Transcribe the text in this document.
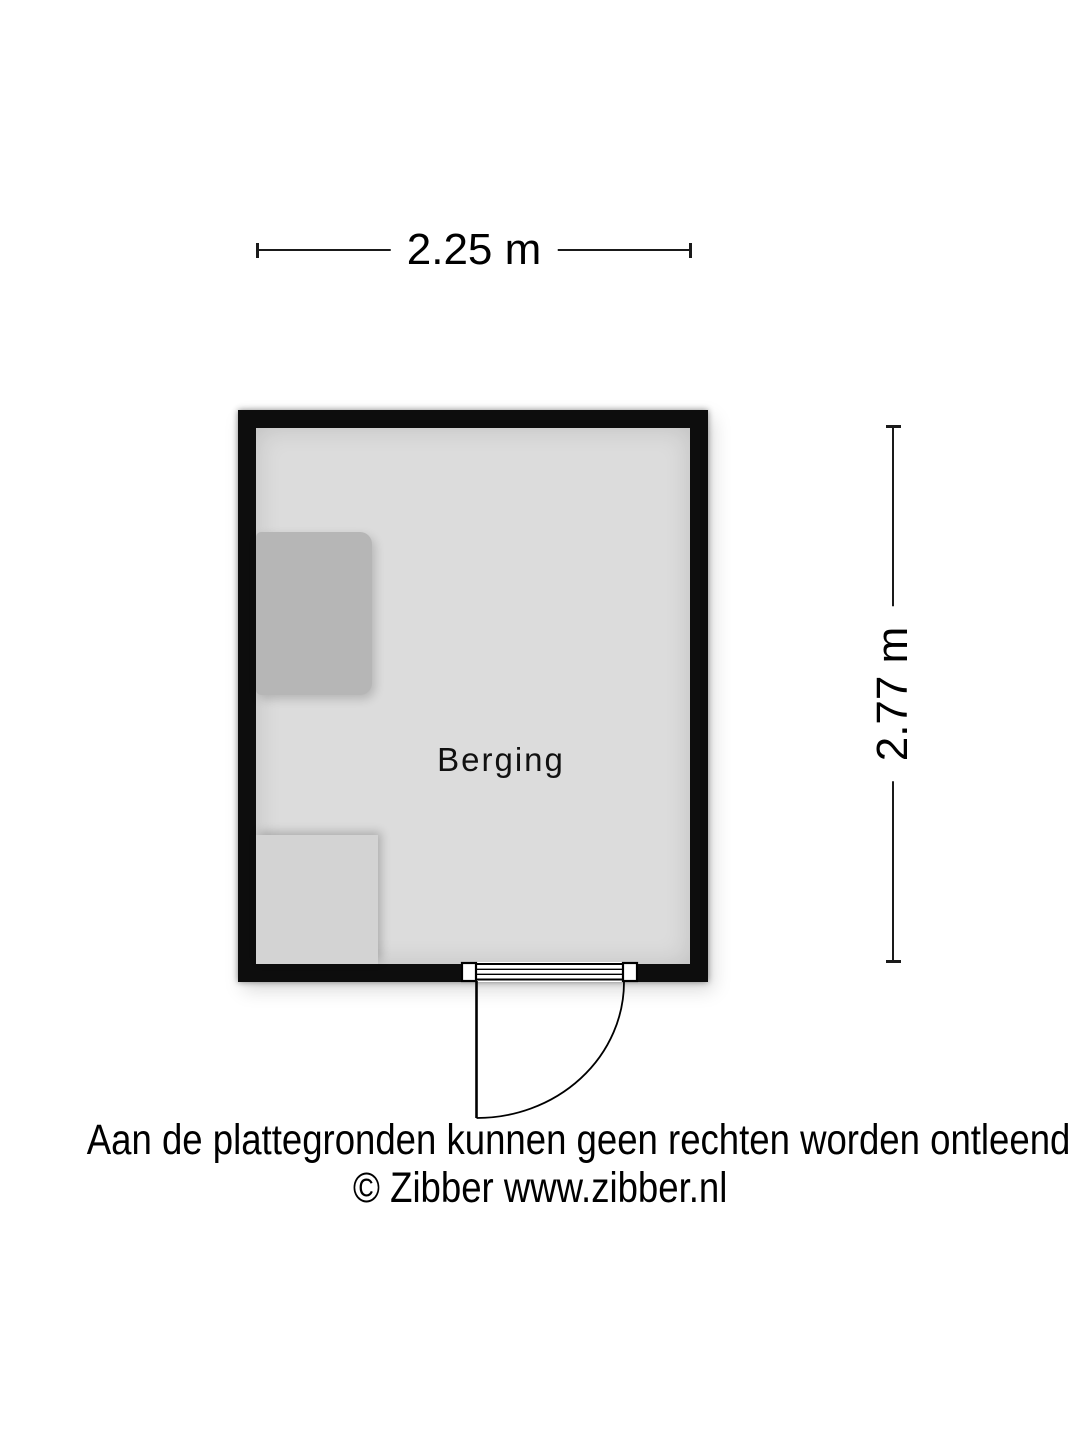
2.25 m
Berging	2.77 m
Aan de plattegronden kunnen geen rechten worden ontleend
© Zibber www.zibber.nl
